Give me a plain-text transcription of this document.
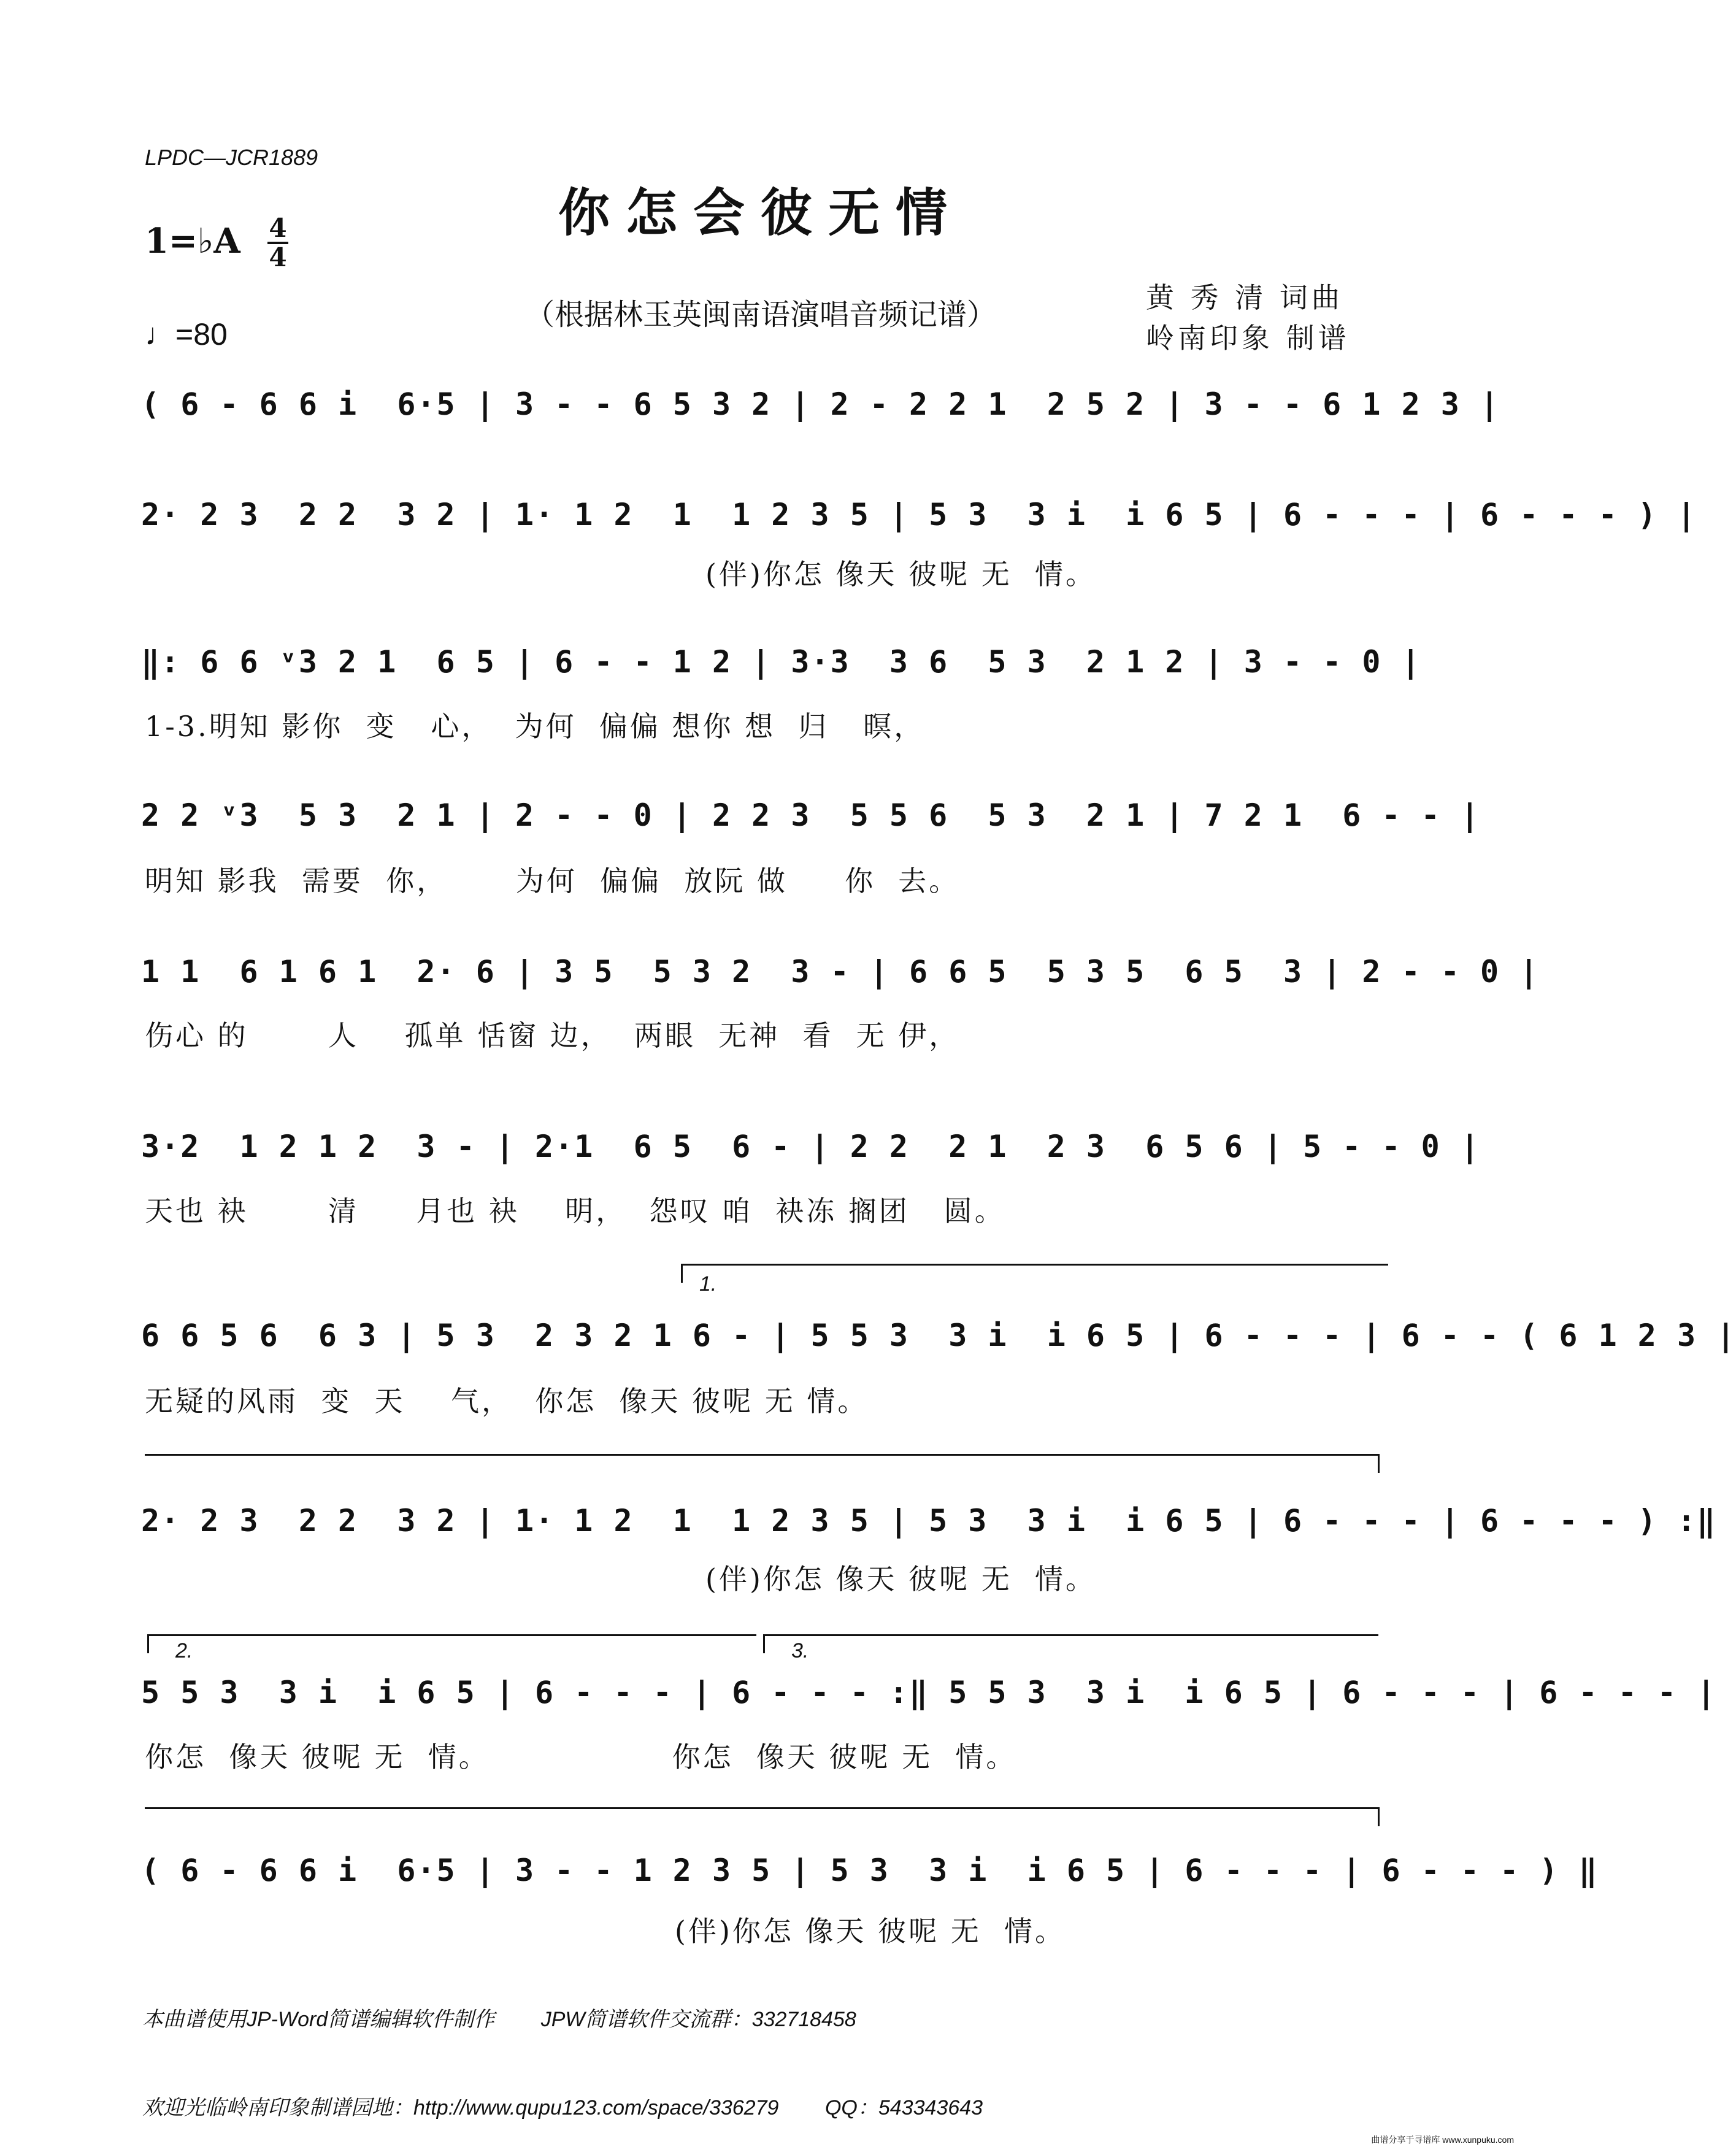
LPDC—JCR1889
你怎会彼无情
1=♭A 4
4
（根据林玉英闽南语演唱音频记谱）
♩=80
黄 秀 清 词曲
岭南印象 制谱
( 6 - 6 6 i  6·5 | 3 - - 6 5 3 2 | 2 - 2 2 1  2 5 2 | 3 - - 6 1 2 3 |
2· 2 3  2 2  3 2 | 1· 1 2  1  1 2 3 5 | 5 3  3 i  i 6 5 | 6 - - - | 6 - - - ) |
(伴)你怎 像天 彼呢 无  情。
‖: 6 6 ᵛ3 2 1  6 5 | 6 - - 1 2 | 3·3  3 6  5 3  2 1 2 | 3 - - 0 |
1-3.明知 影你  变   心，  为何  偏偏 想你 想  归   暝，
2 2 ᵛ3  5 3  2 1 | 2 - - 0 | 2 2 3  5 5 6  5 3  2 1 | 7 2 1  6 - - |
明知 影我  需要  你，      为何  偏偏  放阮 做     你  去。
1 1  6 1 6 1  2· 6 | 3 5  5 3 2  3 - | 6 6 5  5 3 5  6 5  3 | 2 - - 0 |
伤心 的       人    孤单 恬窗 边，  两眼  无神  看  无 伊，
3·2  1 2 1 2  3 - | 2·1  6 5  6 - | 2 2  2 1  2 3  6 5 6 | 5 - - 0 |
天也 袂       清     月也 袂    明，  怨叹 咱  袂冻 搁团   圆。
1.
6 6 5 6  6 3 | 5 3  2 3 2 1 6 - | 5 5 3  3 i  i 6 5 | 6 - - - | 6 - - ( 6 1 2 3 |
无疑的风雨  变  天    气，  你怎  像天 彼呢 无 情。
2· 2 3  2 2  3 2 | 1· 1 2  1  1 2 3 5 | 5 3  3 i  i 6 5 | 6 - - - | 6 - - - ) :‖
(伴)你怎 像天 彼呢 无  情。
2.	3.
5 5 3  3 i  i 6 5 | 6 - - - | 6 - - - :‖ 5 5 3  3 i  i 6 5 | 6 - - - | 6 - - - |
你怎  像天 彼呢 无  情。                你怎  像天 彼呢 无  情。
( 6 - 6 6 i  6·5 | 3 - - 1 2 3 5 | 5 3  3 i  i 6 5 | 6 - - - | 6 - - - ) ‖
(伴)你怎 像天 彼呢 无  情。

本曲谱使用JP-Word简谱编辑软件制作        JPW简谱软件交流群：332718458

欢迎光临岭南印象制谱园地：http://www.qupu123.com/space/336279        QQ：543343643

曲谱分享于寻谱库 www.xunpuku.com
